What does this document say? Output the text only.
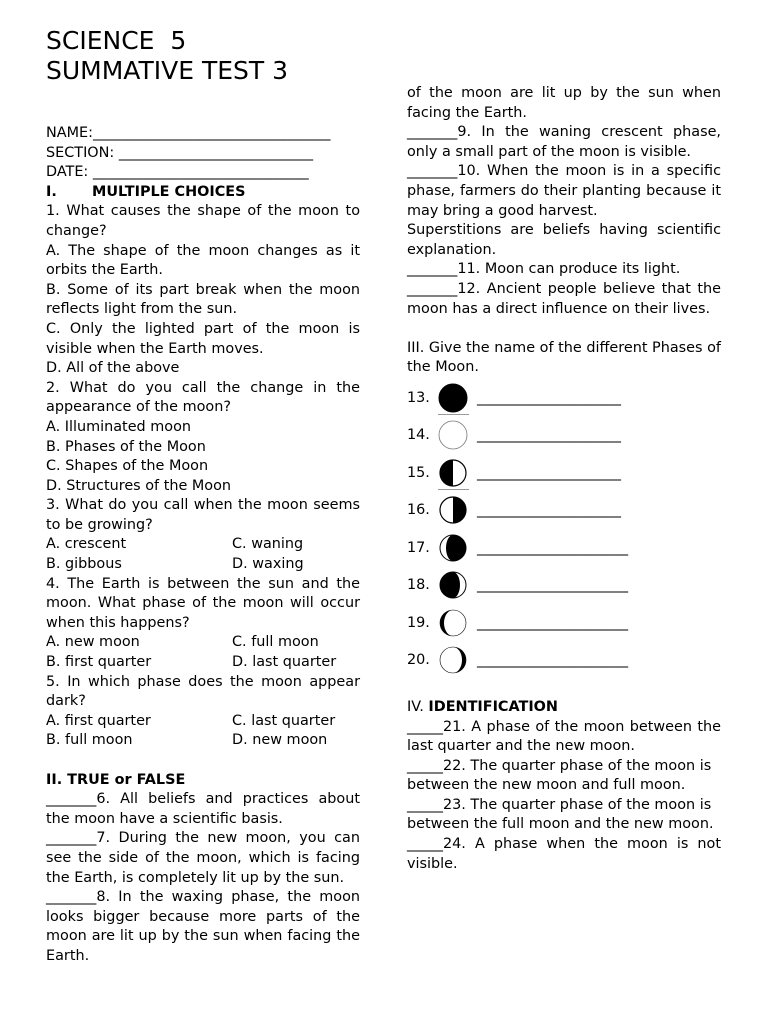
SCIENCE  5
SUMMATIVE TEST 3

NAME:_________________________________

SECTION: ___________________________

DATE: ______________________________

I. MULTIPLE CHOICES

1. What causes the shape of the moon to change?

A. The shape of the moon changes as it orbits the Earth.

B. Some of its part break when the moon reflects light from the sun.

C. Only the lighted part of the moon is visible when the Earth moves.

D. All of the above

2. What do you call the change in the appearance of the moon?

A. Illuminated moon

B. Phases of the Moon

C. Shapes of the Moon

D. Structures of the Moon

3. What do you call when the moon seems to be growing?

A. crescent	C. waning
B. gibbous	D. waxing

4. The Earth is between the sun and the moon. What phase of the moon will occur when this happens?

A. new moon	C. full moon
B. first quarter	D. last quarter

5. In which phase does the moon appear dark?

A. first quarter	C. last quarter
B. full moon	D. new moon

II. TRUE or FALSE

_______6. All beliefs and practices about the moon have a scientific basis.

_______7. During the new moon, you can see the side of the moon, which is facing the Earth, is completely lit up by the sun.

_______8. In the waxing phase, the moon looks bigger because more parts of the moon are lit up by the sun when facing the Earth.

of the moon are lit up by the sun when facing the Earth.

_______9. In the waning crescent phase, only a small part of the moon is visible.

_______10. When the moon is in a specific phase, farmers do their planting because it may bring a good harvest.

Superstitions are beliefs having scientific explanation.

_______11. Moon can produce its light.

_______12. Ancient people believe that the moon has a direct influence on their lives.

III. Give the name of the different Phases of the Moon.

13.	____________________
14.	____________________
15.	____________________
16.	____________________
17.	_____________________
18.	_____________________
19.	_____________________
20.	_____________________

IV. IDENTIFICATION

_____21. A phase of the moon between the last quarter and the new moon.

_____22. The quarter phase of the moon is

between the new moon and full moon.

_____23. The quarter phase of the moon is

between the full moon and the new moon.

_____24. A phase when the moon is not visible.
